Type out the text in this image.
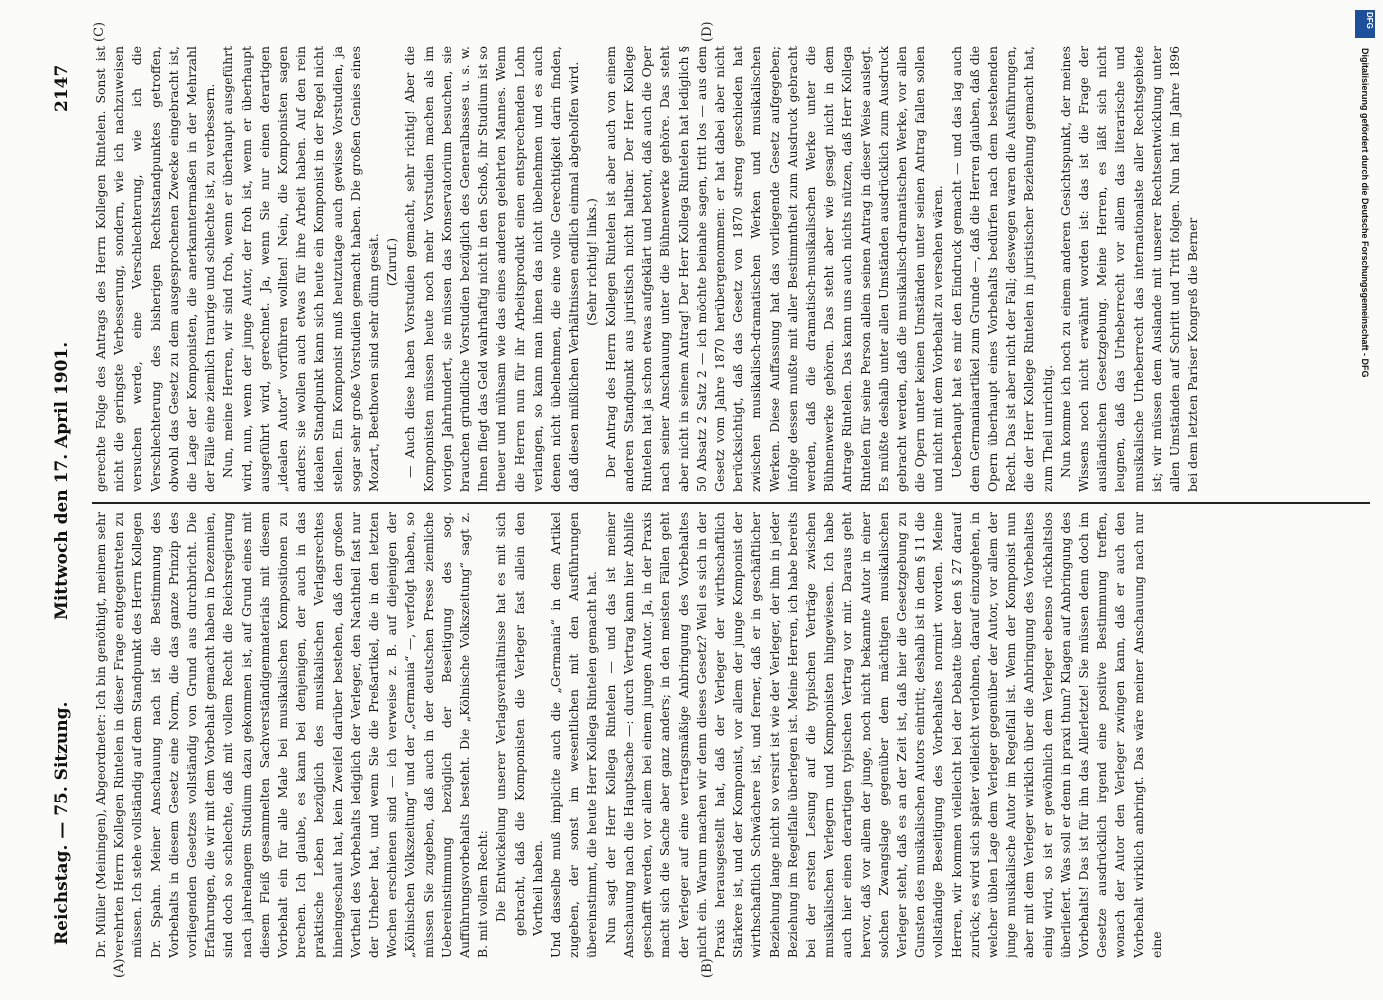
Reichstag. — 75. Sitzung.
Mittwoch den 17. April 1901.
2147
(A)	(B)
(C)	(D)

Dr. Müller (Meiningen), Abgeordneter: Ich bin genöthigt, meinem sehr verehrten Herrn Kollegen Rintelen in dieser Frage entgegentreten zu müssen. Ich stehe vollständig auf dem Standpunkt des Herrn Kollegen Dr. Spahn. Meiner Anschauung nach ist die Bestimmung des Vorbehalts in diesem Gesetz eine Norm, die das ganze Prinzip des vorliegenden Gesetzes vollständig von Grund aus durchbricht. Die Erfahrungen, die wir mit dem Vorbehalt gemacht haben in Dezennien, sind doch so schlechte, daß mit vollem Recht die Reichsregierung nach jahrelangem Studium dazu gekommen ist, auf Grund eines mit diesem Fleiß gesammelten Sachverständigenmaterials mit diesem Vorbehalt ein für alle Male bei musikalischen Kompositionen zu brechen. Ich glaube, es kann bei denjenigen, der auch in das praktische Leben bezüglich des musikalischen Verlagsrechtes hineingeschaut hat, kein Zweifel darüber bestehen, daß den großen Vortheil des Vorbehalts lediglich der Verleger, den Nachtheil fast nur der Urheber hat, und wenn Sie die Preßartikel, die in den letzten Wochen erschienen sind — ich verweise z. B. auf diejenigen der „Kölnischen Volkszeitung“ und der „Germania“ —, verfolgt haben, so müssen Sie zugeben, daß auch in der deutschen Presse ziemliche Uebereinstimmung bezüglich der Beseitigung des sog. Aufführungsvorbehalts besteht. Die „Kölnische Volkszeitung“ sagt z. B. mit vollem Recht: Die Entwickelung unserer Verlagsverhältnisse hat es mit sich gebracht, daß die Komponisten die Verleger fast allein den Vortheil haben. Und dasselbe muß implicite auch die „Germania“ in dem Artikel zugeben, der sonst im wesentlichen mit den Ausführungen übereinstimmt, die heute Herr Kollega Rintelen gemacht hat. Nun sagt der Herr Kollega Rintelen — und das ist meiner Anschauung nach die Hauptsache —: durch Vertrag kann hier Abhilfe geschafft werden, vor allem bei einem jungen Autor. Ja, in der Praxis macht sich die Sache aber ganz anders; in den meisten Fällen geht der Verleger auf eine vertragsmäßige Anbringung des Vorbehaltes nicht ein. Warum machen wir denn dieses Gesetz? Weil es sich in der Praxis herausgestellt hat, daß der Verleger der wirthschaftlich Stärkere ist, und der Komponist, vor allem der junge Komponist der wirthschaftlich Schwächere ist, und ferner, daß er in geschäftlicher Beziehung lange nicht so versirt ist wie der Verleger, der ihm in jeder Beziehung im Regelfalle überlegen ist. Meine Herren, ich habe bereits bei der ersten Lesung auf die typischen Verträge zwischen musikalischen Verlegern und Komponisten hingewiesen. Ich habe auch hier einen derartigen typischen Vertrag vor mir. Daraus geht hervor, daß vor allem der junge, noch nicht bekannte Autor in einer solchen Zwangslage gegenüber dem mächtigen musikalischen Verleger steht, daß es an der Zeit ist, daß hier die Gesetzgebung zu Gunsten des musikalischen Autors eintritt; deshalb ist in dem § 11 die vollständige Beseitigung des Vorbehaltes normirt worden. Meine Herren, wir kommen vielleicht bei der Debatte über den § 27 darauf zurück; es wird sich später vielleicht verlohnen, darauf einzugehen, in welcher üblen Lage dem Verleger gegenüber der Autor, vor allem der junge musikalische Autor im Regelfall ist. Wenn der Komponist nun aber mit dem Verleger wirklich über die Anbringung des Vorbehaltes einig wird, so ist er gewöhnlich dem Verleger ebenso rückhaltslos überliefert. Was soll er denn in praxi thun? Klagen auf Anbringung des Vorbehalts! Das ist für ihn das Allerletzte! Sie müssen denn doch im Gesetze ausdrücklich irgend eine positive Bestimmung treffen, wonach der Autor den Verleger zwingen kann, daß er auch den Vorbehalt wirklich anbringt. Das wäre meiner Anschauung nach nur eine

gerechte Folge des Antrags des Herrn Kollegen Rintelen. Sonst ist nicht die geringste Verbesserung, sondern, wie ich nachzuweisen versuchen werde, eine Verschlechterung, wie ich die Verschlechterung des bisherigen Rechtsstandpunktes getroffen, obwohl das Gesetz zu dem ausgesprochenen Zwecke eingebracht ist, die Lage der Komponisten, die anerkanntermaßen in der Mehrzahl der Fälle eine ziemlich traurige und schlechte ist, zu verbessern. Nun, meine Herren, wir sind froh, wenn er überhaupt ausgeführt wird, nun, wenn der junge Autor, der froh ist, wenn er überhaupt ausgeführt wird, gerechnet. Ja, wenn Sie nur einen derartigen „idealen Autor“ vorführen wollten! Nein, die Komponisten sagen anders: sie wollen auch etwas für ihre Arbeit haben. Auf den rein idealen Standpunkt kann sich heute ein Komponist in der Regel nicht stellen. Ein Komponist muß heutzutage auch gewisse Vorstudien, ja sogar sehr große Vorstudien gemacht haben. Die großen Genies eines Mozart, Beethoven sind sehr dünn gesät. (Zuruf.) — Auch diese haben Vorstudien gemacht, sehr richtig! Aber die Komponisten müssen heute noch mehr Vorstudien machen als im vorigen Jahrhundert, sie müssen das Konservatorium besuchen, sie brauchen gründliche Vorstudien bezüglich des Generalbasses u. s. w. Ihnen fliegt das Geld wahrhaftig nicht in den Schoß, ihr Studium ist so theuer und mühsam wie das eines anderen gelehrten Mannes. Wenn die Herren nun für ihr Arbeitsprodukt einen entsprechenden Lohn verlangen, so kann man ihnen das nicht übelnehmen und es auch denen nicht übelnehmen, die eine volle Gerechtigkeit darin finden, daß diesen mißlichen Verhältnissen endlich einmal abgeholfen wird. (Sehr richtig! links.) Der Antrag des Herrn Kollegen Rintelen ist aber auch von einem anderen Standpunkt aus juristisch nicht haltbar. Der Herr Kollege Rintelen hat ja schon etwas aufgeklärt und betont, daß auch die Oper nach seiner Anschauung unter die Bühnenwerke gehöre. Das steht aber nicht in seinem Antrag! Der Herr Kollega Rintelen hat lediglich § 50 Absatz 2 Satz 2 — ich möchte beinahe sagen, tritt los — aus dem Gesetz vom Jahre 1870 herübergenommen: er hat dabei aber nicht berücksichtigt, daß das Gesetz von 1870 streng geschieden hat zwischen musikalisch-dramatischen Werken und musikalischen Werken. Diese Auffassung hat das vorliegende Gesetz aufgegeben; infolge dessen mußte mit aller Bestimmtheit zum Ausdruck gebracht werden, daß die dramatisch-musikalischen Werke unter die Bühnenwerke gehören. Das steht aber wie gesagt nicht in dem Antrage Rintelen. Das kann uns auch nichts nützen, daß Herr Kollega Rintelen für seine Person allein seinen Antrag in dieser Weise auslegt. Es müßte deshalb unter allen Umständen ausdrücklich zum Ausdruck gebracht werden, daß die musikalisch-dramatischen Werke, vor allen die Opern unter keinen Umständen unter seinen Antrag fallen sollen und nicht mit dem Vorbehalt zu versehen wären. Ueberhaupt hat es mir den Eindruck gemacht — und das lag auch dem Germaniaartikel zum Grunde —, daß die Herren glauben, daß die Opern überhaupt eines Vorbehalts bedürfen nach dem bestehenden Recht. Das ist aber nicht der Fall; deswegen waren die Ausführungen, die der Herr Kollege Rintelen in juristischer Beziehung gemacht hat, zum Theil unrichtig. Nun komme ich noch zu einem anderen Gesichtspunkt, der meines Wissens noch nicht erwähnt worden ist: das ist die Frage der ausländischen Gesetzgebung. Meine Herren, es läßt sich nicht leugnen, daß das Urheberrecht vor allem das literarische und musikalische Urheberrecht das internationalste aller Rechtsgebiete ist; wir müssen dem Auslande mit unserer Rechtsentwicklung unter allen Umständen auf Schritt und Tritt folgen. Nun hat im Jahre 1896 bei dem letzten Pariser Kongreß die Berner

DFG
Digitalisierung gefördert durch die Deutsche Forschungsgemeinschaft - DFG
